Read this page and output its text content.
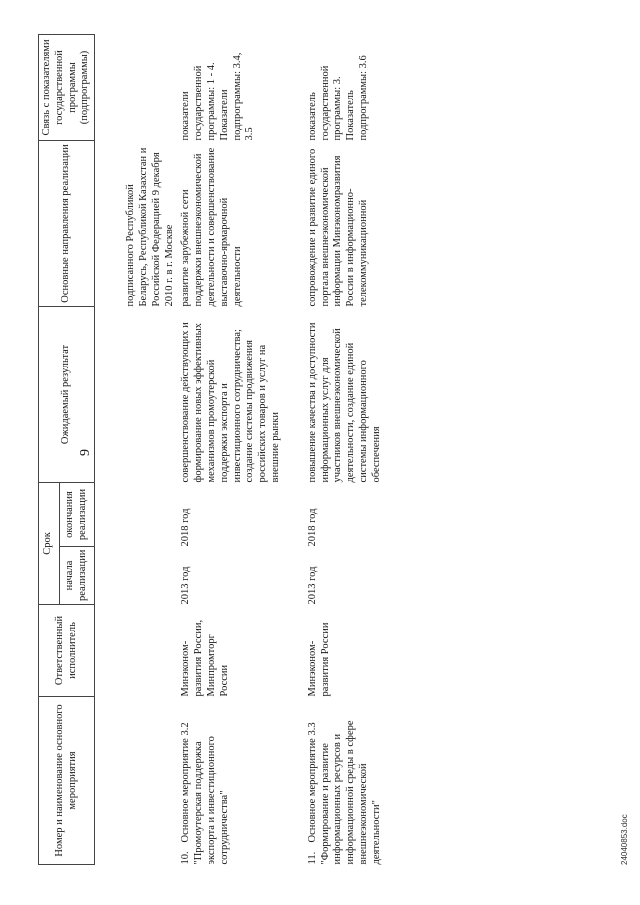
9
Номер и наименование основного мероприятия	Ответственный исполнитель	Срок		Ожидаемый результат	Основные направления реализации	Связь с показателями государственной программы (подпрограммы)
		начала реализации	окончания реализации			
					подписанного Республикой Беларусь, Республикой Казахстан и Российской Федерацией 9 декабря 2010 г. в г. Москве	
10.Основное мероприятие 3.2 "Промоутерская поддержка экспорта и инвестиционного сотрудничества"	Минэконом-развития России, Минпромторг России	2013 год	2018 год	совершенствование действующих и формирование новых эффективных механизмов промоутерской поддержки экспорта и инвестиционного сотрудничества; создание системы продвижения российских товаров и услуг на внешние рынки	развитие зарубежной сети поддержки внешнеэкономической деятельности и совершенствование выставочно-ярмарочной деятельности	показатели государственной программы: 1 - 4. Показатели подпрограммы: 3.4, 3.5
11.Основное мероприятие 3.3 "Формирование и развитие информационных ресурсов и информационной среды в сфере внешнеэкономической деятельности"	Минэконом-развития России	2013 год	2018 год	повышение качества и доступности информационных услуг для участников внешнеэкономической деятельности, создание единой системы информационного обеспечения	сопровождение и развитие единого портала внешнеэкономической информации Минэкономразвития России в информационно-телекоммуникационной	показатель государственной программы: 3. Показатель подпрограммы: 3.6
24040853.doc
